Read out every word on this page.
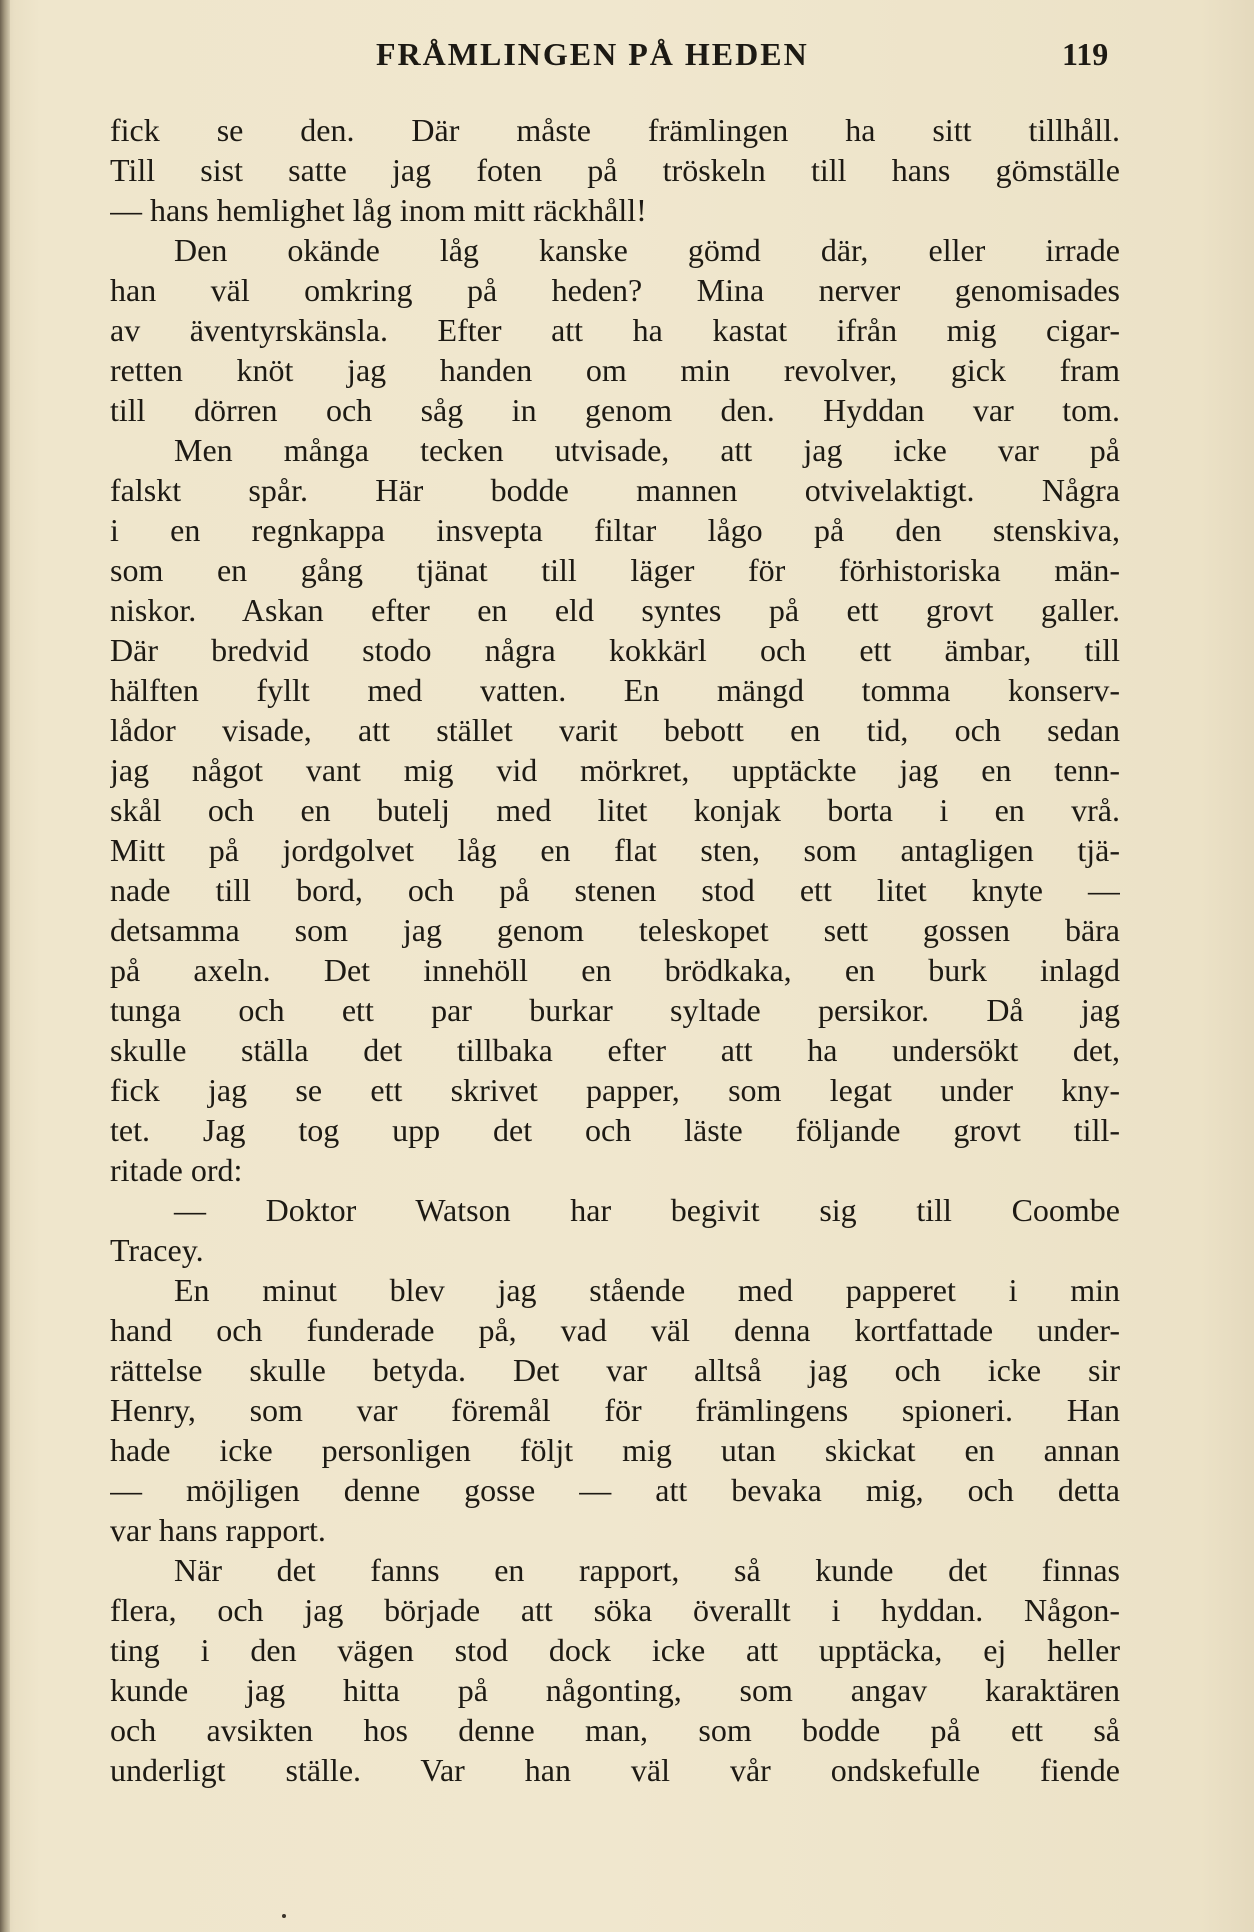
FRÅMLINGEN PÅ HEDEN	119
fick se den. Där måste främlingen ha sitt tillhåll.
Till sist satte jag foten på tröskeln till hans gömställe
— hans hemlighet låg inom mitt räckhåll!
Den okände låg kanske gömd där, eller irrade
han väl omkring på heden? Mina nerver genomisades
av äventyrskänsla. Efter att ha kastat ifrån mig cigar-
retten knöt jag handen om min revolver, gick fram
till dörren och såg in genom den. Hyddan var tom.
Men många tecken utvisade, att jag icke var på
falskt spår. Här bodde mannen otvivelaktigt. Några
i en regnkappa insvepta filtar lågo på den stenskiva,
som en gång tjänat till läger för förhistoriska män-
niskor. Askan efter en eld syntes på ett grovt galler.
Där bredvid stodo några kokkärl och ett ämbar, till
hälften fyllt med vatten. En mängd tomma konserv-
lådor visade, att stället varit bebott en tid, och sedan
jag något vant mig vid mörkret, upptäckte jag en tenn-
skål och en butelj med litet konjak borta i en vrå.
Mitt på jordgolvet låg en flat sten, som antagligen tjä-
nade till bord, och på stenen stod ett litet knyte —
detsamma som jag genom teleskopet sett gossen bära
på axeln. Det innehöll en brödkaka, en burk inlagd
tunga och ett par burkar syltade persikor. Då jag
skulle ställa det tillbaka efter att ha undersökt det,
fick jag se ett skrivet papper, som legat under kny-
tet. Jag tog upp det och läste följande grovt till-
ritade ord:
— Doktor Watson har begivit sig till Coombe
Tracey.
En minut blev jag stående med papperet i min
hand och funderade på, vad väl denna kortfattade under-
rättelse skulle betyda. Det var alltså jag och icke sir
Henry, som var föremål för främlingens spioneri. Han
hade icke personligen följt mig utan skickat en annan
— möjligen denne gosse — att bevaka mig, och detta
var hans rapport.
När det fanns en rapport, så kunde det finnas
flera, och jag började att söka överallt i hyddan. Någon-
ting i den vägen stod dock icke att upptäcka, ej heller
kunde jag hitta på någonting, som angav karaktären
och avsikten hos denne man, som bodde på ett så
underligt ställe. Var han väl vår ondskefulle fiende
